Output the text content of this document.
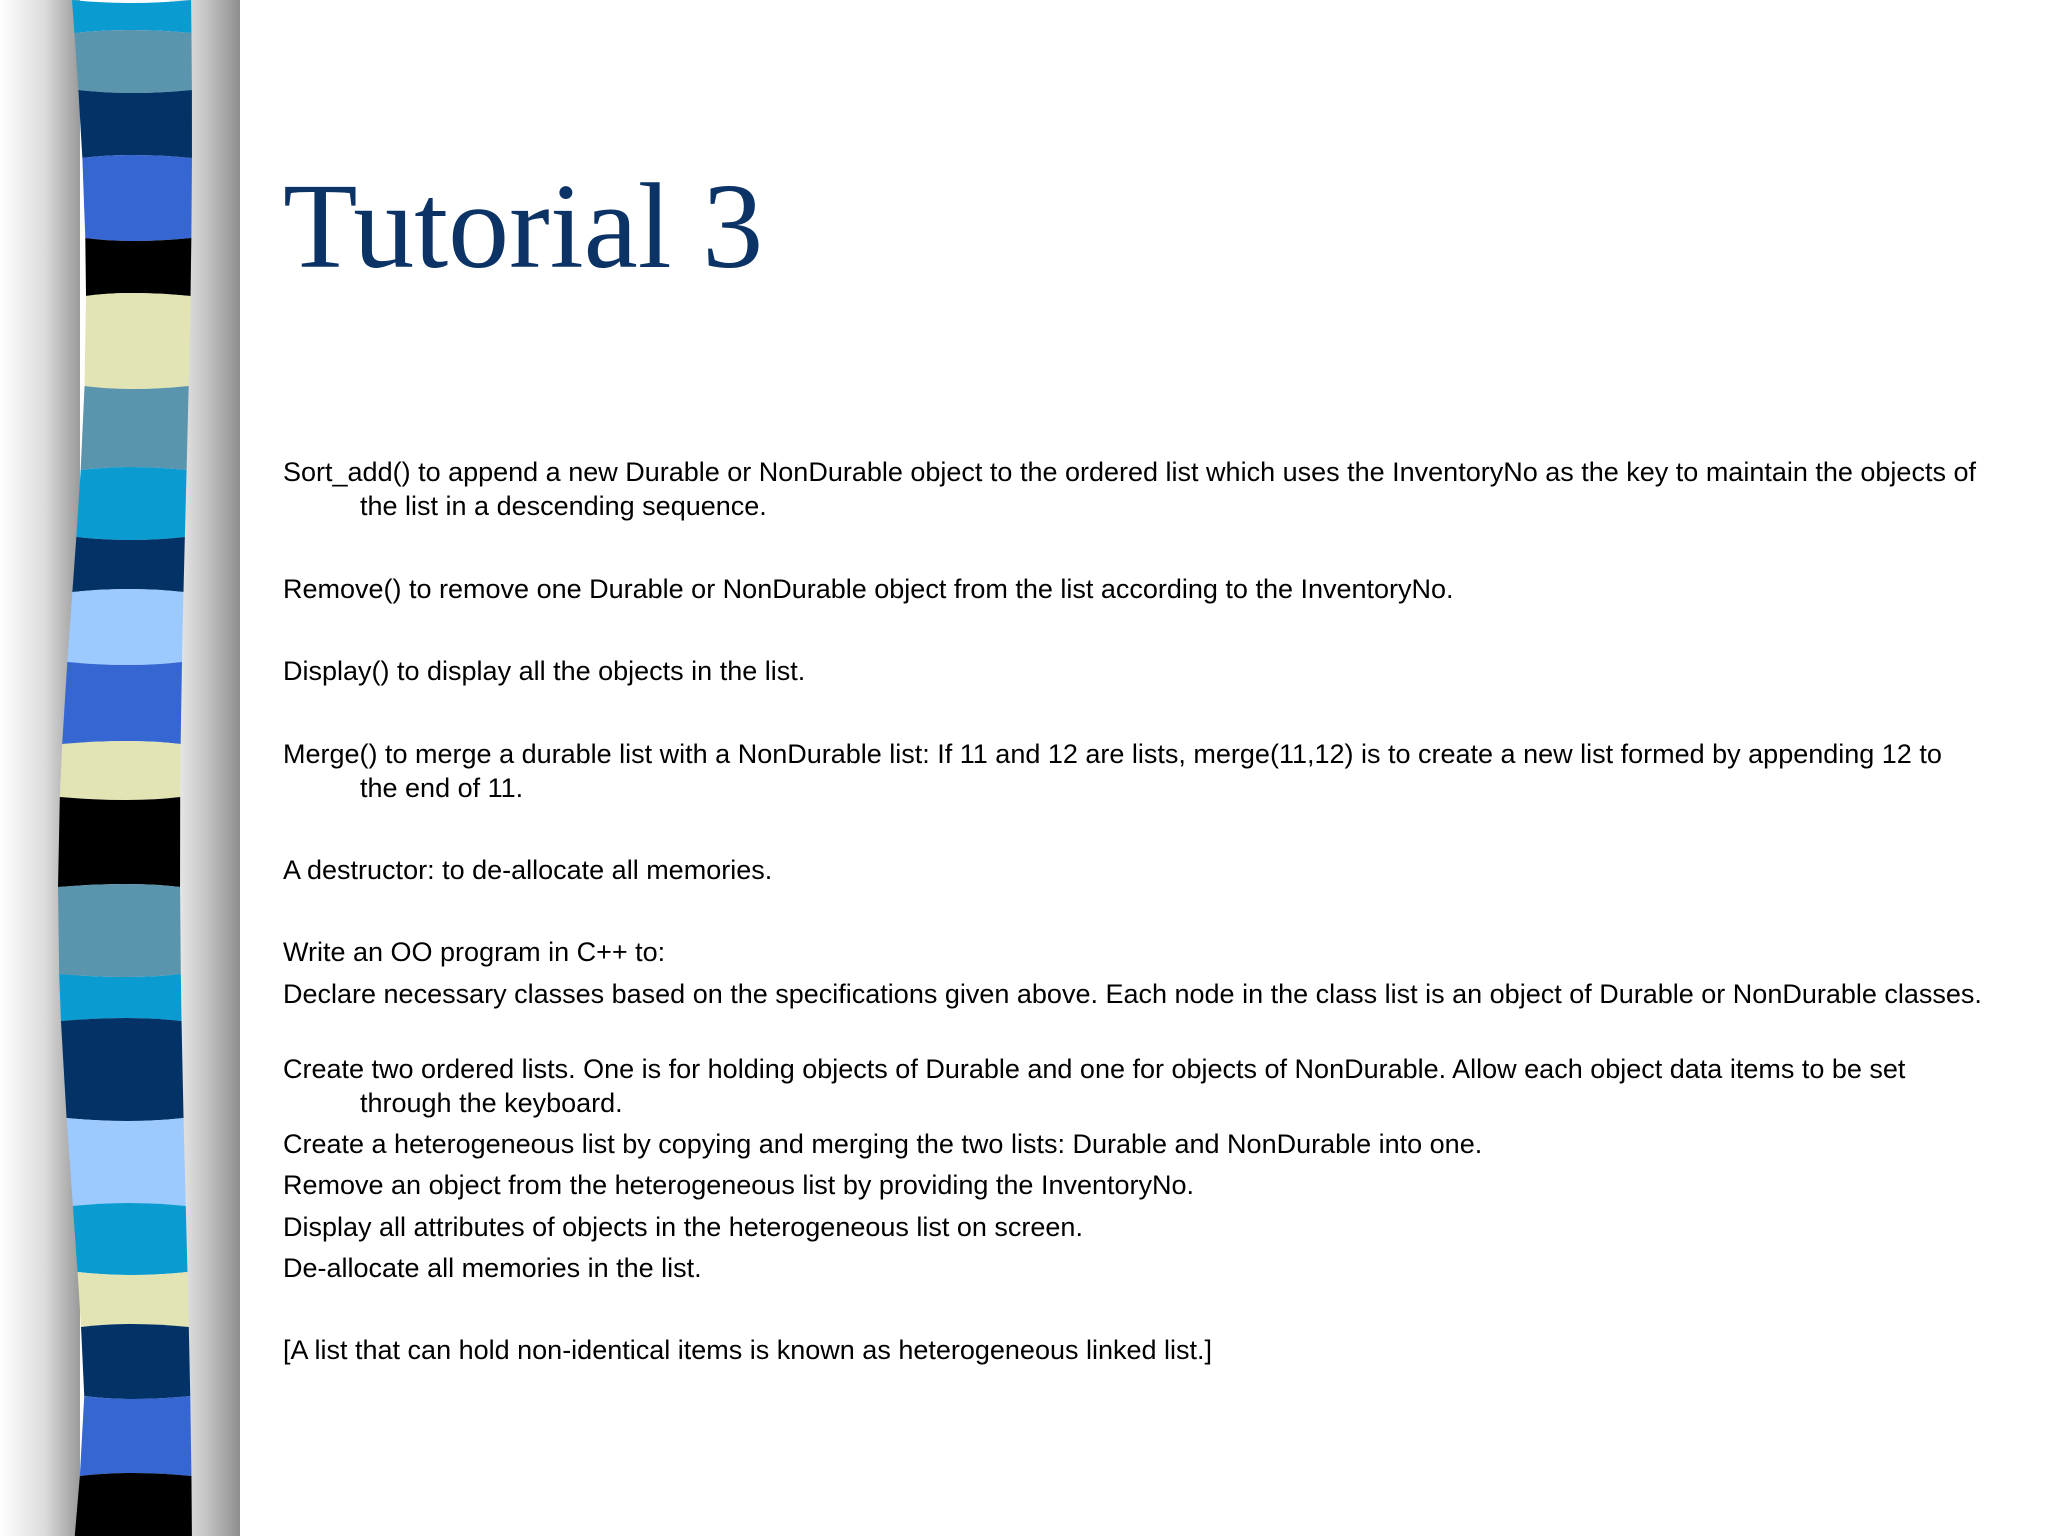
Tutorial 3

Sort_add() to append a new Durable or NonDurable object to the ordered list which uses the InventoryNo as the key to maintain the objects of the list in a descending sequence.

Remove() to remove one Durable or NonDurable object from the list according to the InventoryNo.

Display() to display all the objects in the list.

Merge() to merge a durable list with a NonDurable list: If 11 and 12 are lists, merge(11,12) is to create a new list formed by appending 12 to the end of 11.

A destructor: to de-allocate all memories.

Write an OO program in C++ to:

Declare necessary classes based on the specifications given above. Each node in the class list is an object of Durable or NonDurable classes.

Create two ordered lists. One is for holding objects of Durable and one for objects of NonDurable. Allow each object data items to be set through the keyboard.

Create a heterogeneous list by copying and merging the two lists: Durable and NonDurable into one.

Remove an object from the heterogeneous list by providing the InventoryNo.

Display all attributes of objects in the heterogeneous list on screen.

De-allocate all memories in the list.

[A list that can hold non-identical items is known as heterogeneous linked list.]
